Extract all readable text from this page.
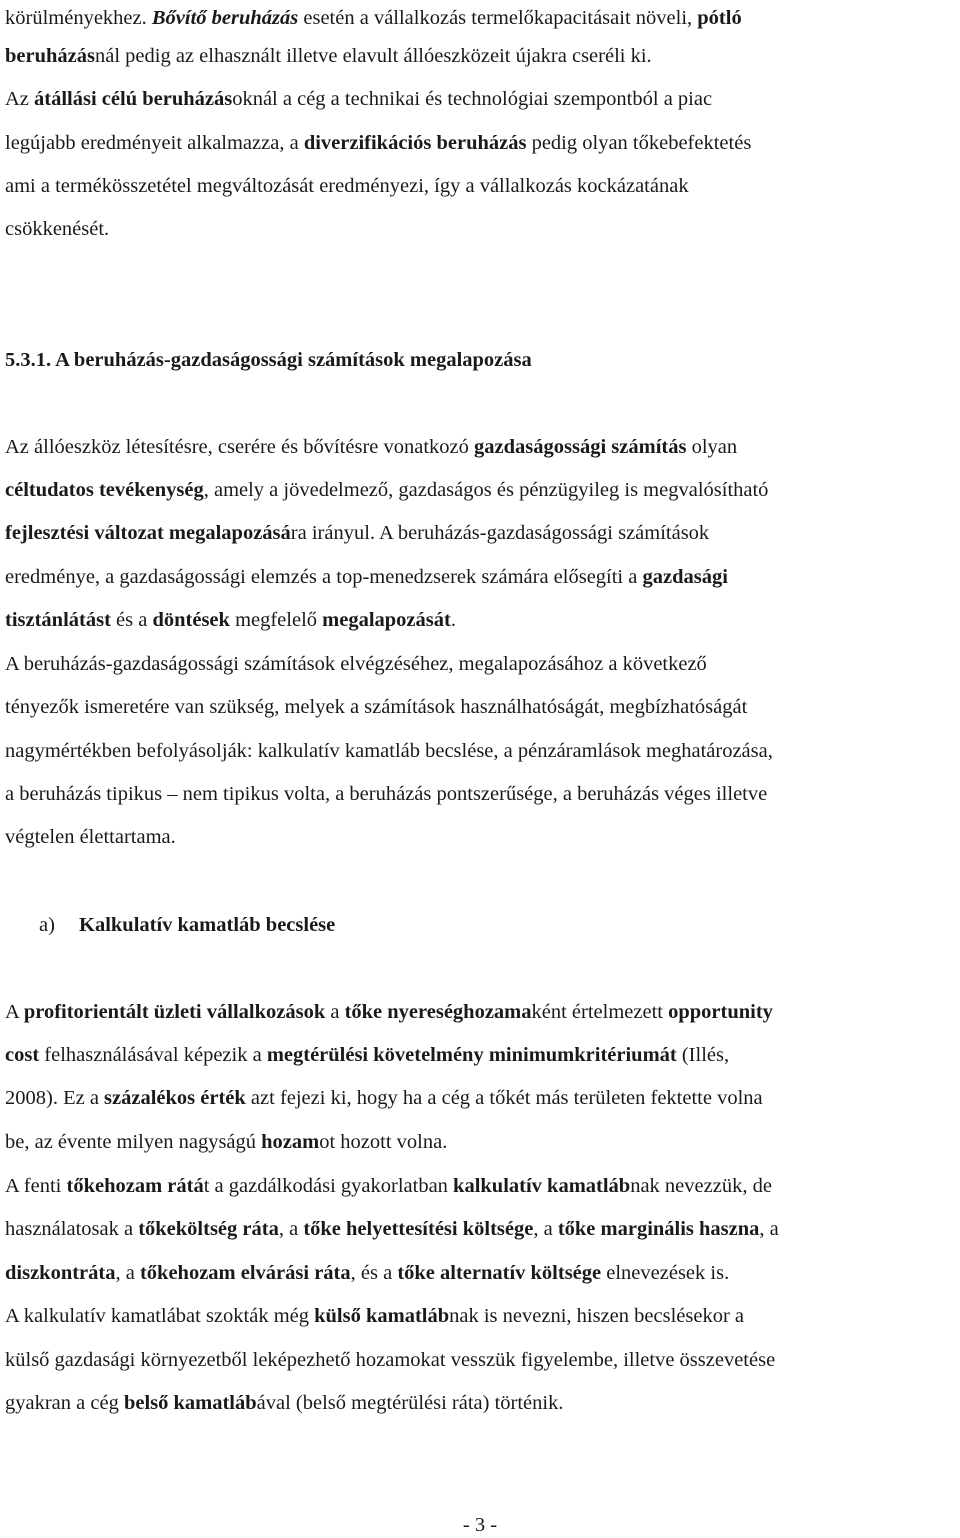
körülményekhez. Bővítő beruházás esetén a vállalkozás termelőkapacitásait növeli, pótló
beruházásnál pedig az elhasznált illetve elavult állóeszközeit újakra cseréli ki.
Az átállási célú beruházásoknál a cég a technikai és technológiai szempontból a piac
legújabb eredményeit alkalmazza, a diverzifikációs beruházás pedig olyan tőkebefektetés
ami a termékösszetétel megváltozását eredményezi, így a vállalkozás kockázatának
csökkenését.
5.3.1. A beruházás-gazdaságossági számítások megalapozása
Az állóeszköz létesítésre, cserére és bővítésre vonatkozó gazdaságossági számítás olyan
céltudatos tevékenység, amely a jövedelmező, gazdaságos és pénzügyileg is megvalósítható
fejlesztési változat megalapozására irányul. A beruházás-gazdaságossági számítások
eredménye, a gazdaságossági elemzés a top-menedzserek számára elősegíti a gazdasági
tisztánlátást és a döntések megfelelő megalapozását.
A beruházás-gazdaságossági számítások elvégzéséhez, megalapozásához a következő
tényezők ismeretére van szükség, melyek a számítások használhatóságát, megbízhatóságát
nagymértékben befolyásolják: kalkulatív kamatláb becslése, a pénzáramlások meghatározása,
a beruházás tipikus – nem tipikus volta, a beruházás pontszerűsége, a beruházás véges illetve
végtelen élettartama.
a) Kalkulatív kamatláb becslése
A profitorientált üzleti vállalkozások a tőke nyereséghozamaként értelmezett opportunity
cost felhasználásával képezik a megtérülési követelmény minimumkritériumát (Illés,
2008). Ez a százalékos érték azt fejezi ki, hogy ha a cég a tőkét más területen fektette volna
be, az évente milyen nagyságú hozamot hozott volna.
A fenti tőkehozam rátát a gazdálkodási gyakorlatban kalkulatív kamatlábnak nevezzük, de
használatosak a tőkeköltség ráta, a tőke helyettesítési költsége, a tőke marginális haszna, a
diszkontráta, a tőkehozam elvárási ráta, és a tőke alternatív költsége elnevezések is.
A kalkulatív kamatlábat szokták még külső kamatlábnak is nevezni, hiszen becslésekor a
külső gazdasági környezetből leképezhető hozamokat vesszük figyelembe, illetve összevetése
gyakran a cég belső kamatlábával (belső megtérülési ráta) történik.
- 3 -
